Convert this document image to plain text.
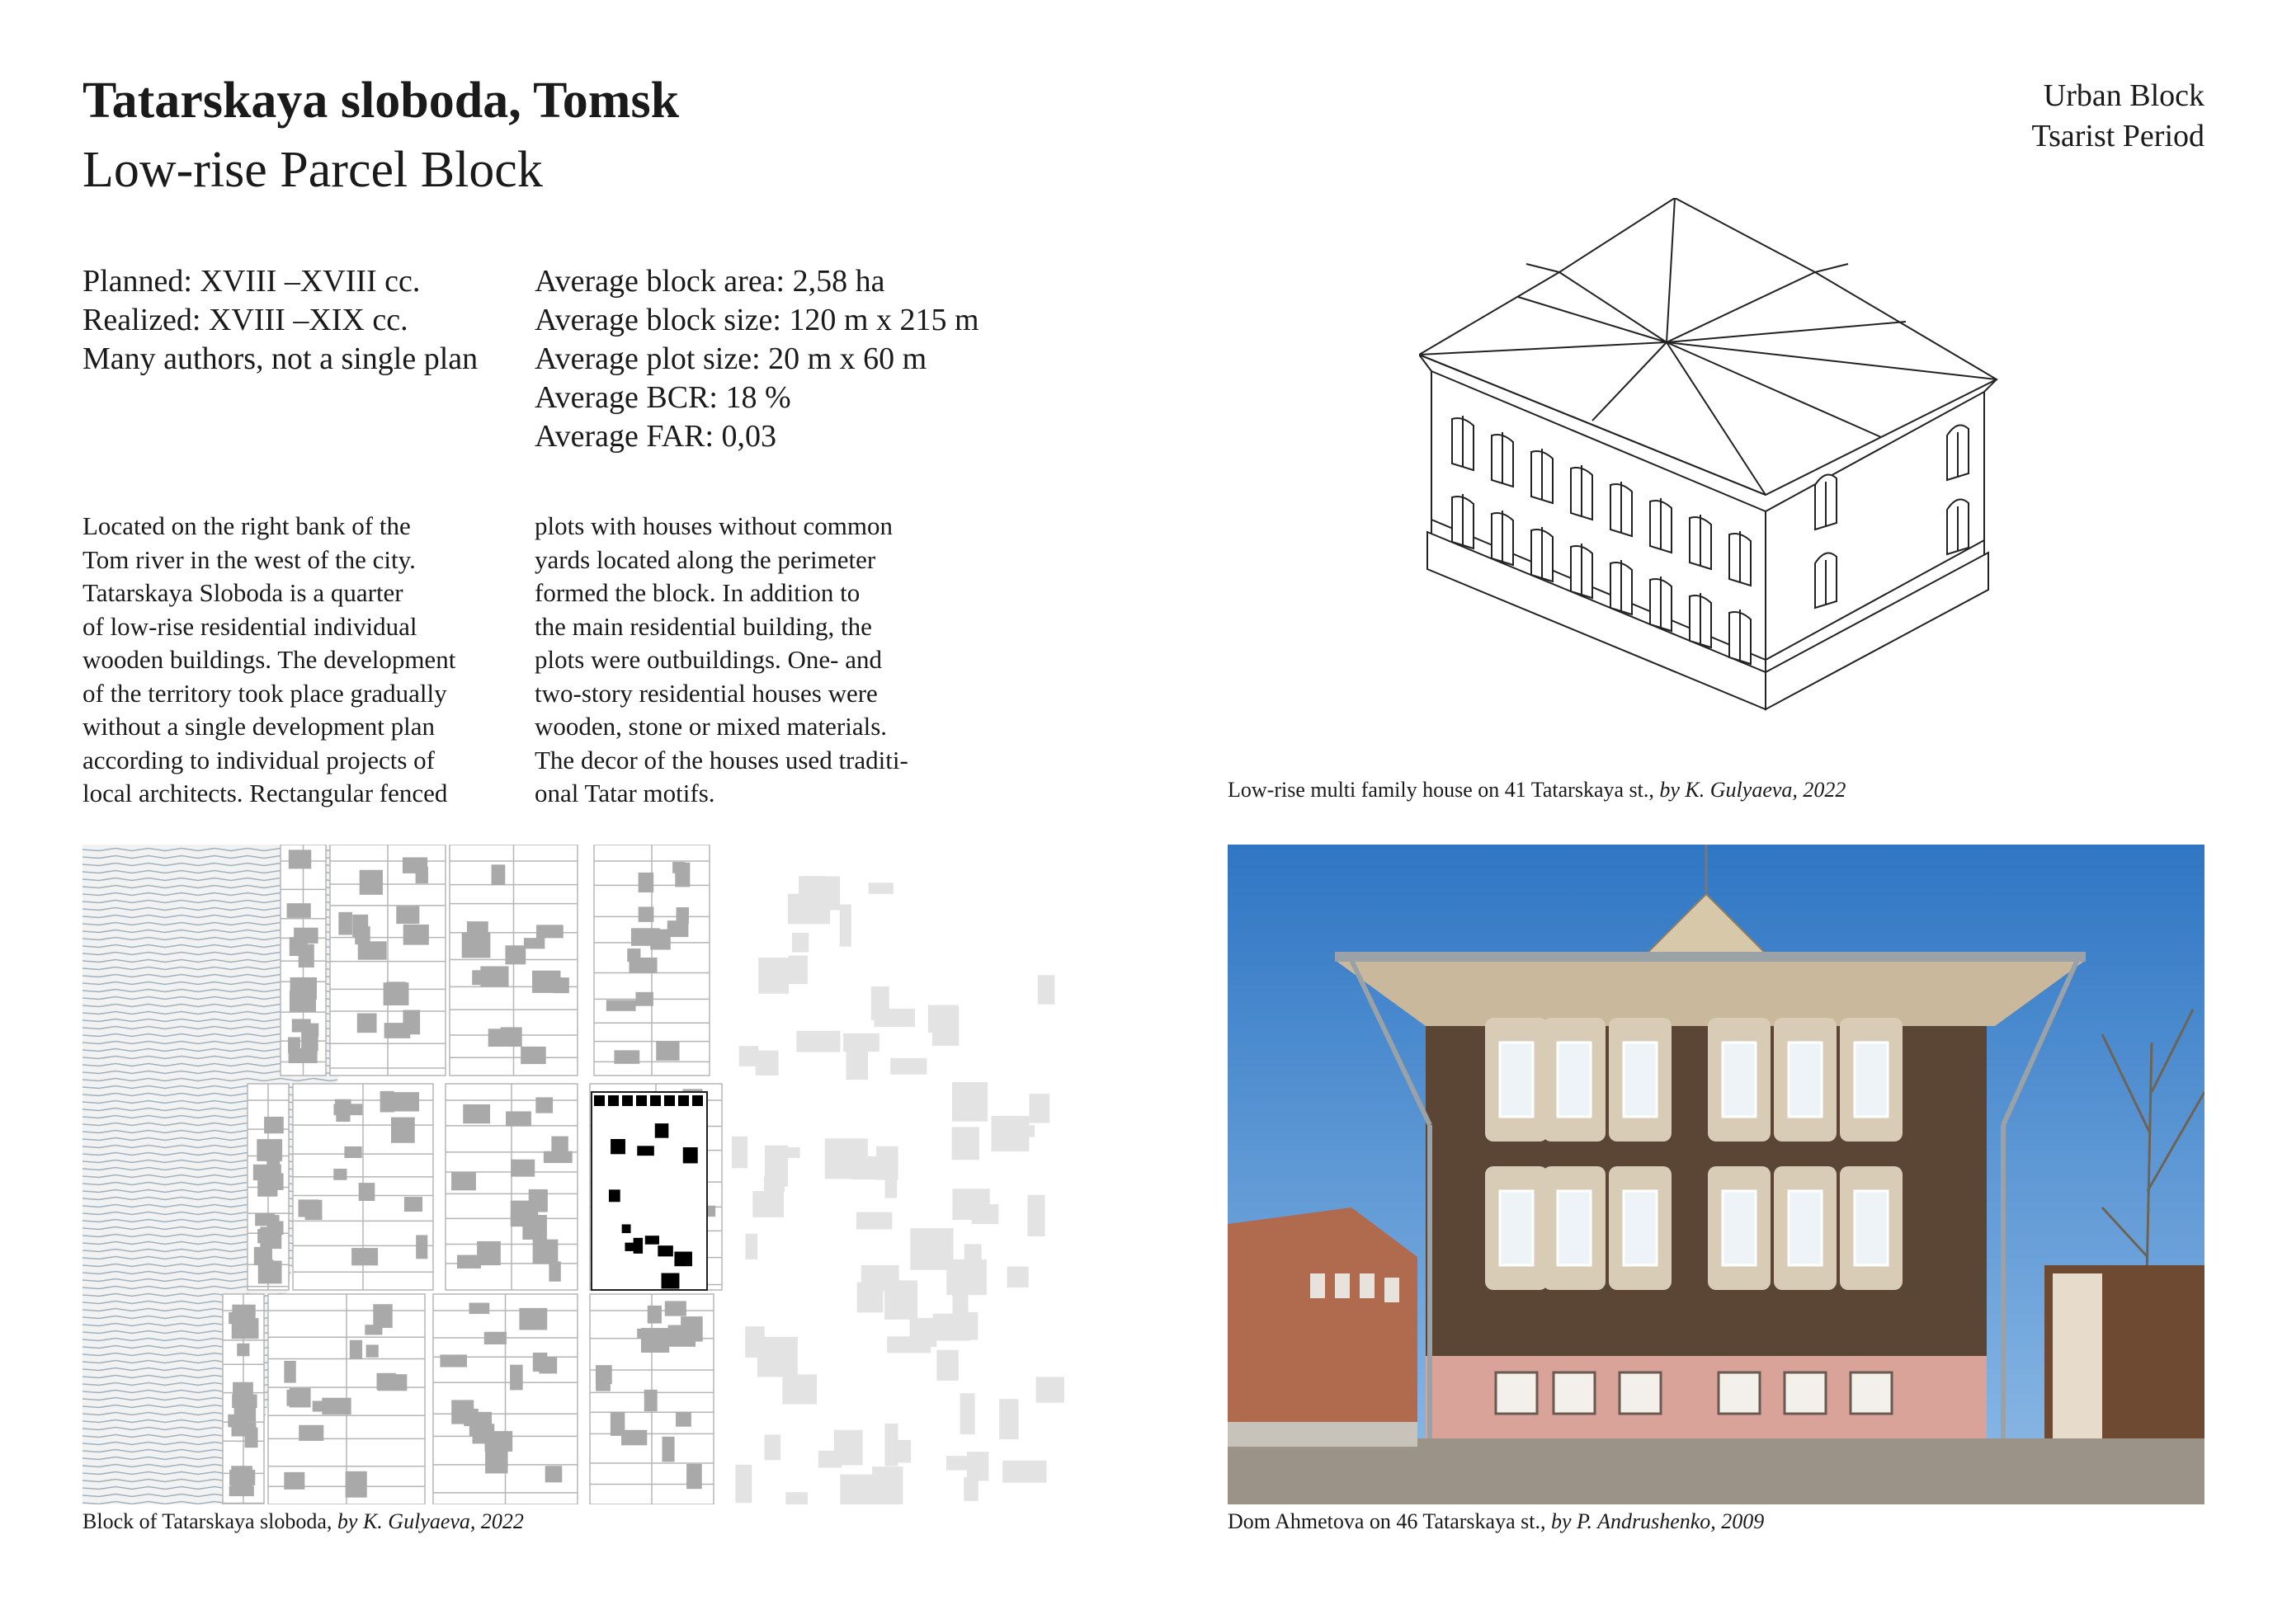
Tatarskaya sloboda, Tomsk
Low-rise Parcel Block
Urban Block
Tsarist Period
Planned: XVIII –XVIII cc.
Realized: XVIII –XIX cc.
Many authors, not a single plan
Average block area: 2,58 ha
Average block size: 120 m x 215 m
Average plot size: 20 m x 60 m
Average BCR: 18 %
Average FAR: 0,03
Located on the right bank of the
Tom river in the west of the city.
Tatarskaya Sloboda is a quarter
of low-rise residential individual
wooden buildings. The development
of the territory took place gradually
without a single development plan
according to individual projects of
local architects. Rectangular fenced
plots with houses without common
yards located along the perimeter
formed the block. In addition to
the main residential building, the
plots were outbuildings. One- and
two-story residential houses were
wooden, stone or mixed materials.
The decor of the houses used traditi-
onal Tatar motifs.	Low-rise multi family house on 41 Tatarskaya st., by K. Gulyaeva, 2022
Block of Tatarskaya sloboda, by K. Gulyaeva, 2022	Dom Ahmetova on 46 Tatarskaya st., by P. Andrushenko, 2009
